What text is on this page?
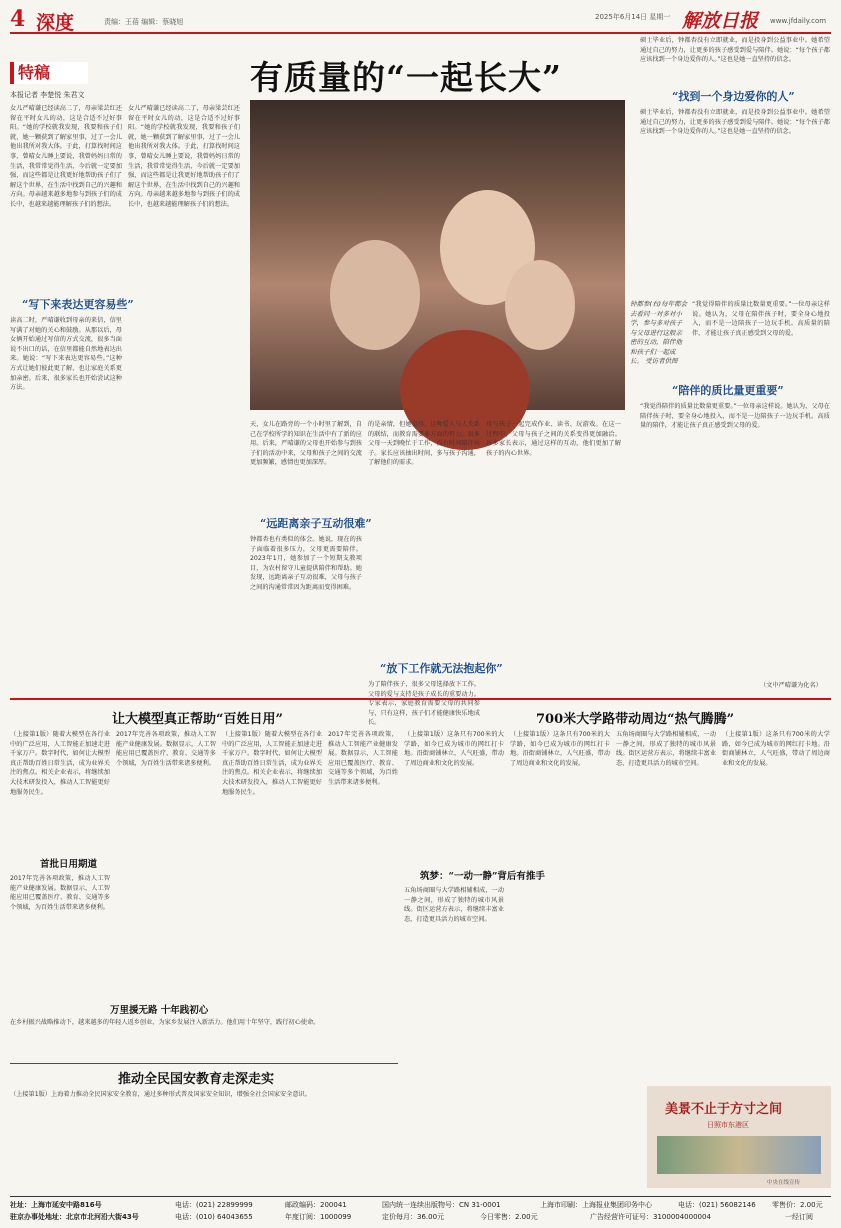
4 深度	责编：王蓓 编辑：蔡晓旭
2025年6月14日 星期一 解放日报 www.jfdaily.com
特稿	有质量的“一起长大”
本报记者 李楚悦 朱君文
女儿严晴谦已经读高二了，母亲梁芸红还留在平时女儿的动，这是合适不过好事阳。“她的学校就我发现，我要和孩子们就，她一颗获到了解家里事，过了一会儿他出我所对我大体。于此，打算找时间这事，曾晴女儿睡上要说，我曾妈妈日常的生活，我常常觉得生活，今后就一定要加强，而这些都是让我更好地帮助孩子们了解这个世界，在生活中找到自己的兴趣和方向。母亲越来越多地参与到孩子们的成长中，也越来越能理解孩子们的想法。
“写下来表达更容易些”
读高二时，严晴谦收到母亲的来信，信里写满了对她的关心和鼓励。从那以后，母女俩开始通过写信的方式交流，很多当面说不出口的话，在信里都能自然地表达出来。她说：“写下来表达更容易些。”这种方式让她们彼此更了解，也让家庭关系更加亲密。后来，很多家长也开始尝试这种方法。
女儿严晴谦已经读高二了，母亲梁芸红还留在平时女儿的动，这是合适不过好事阳。“她的学校就我发现，我要和孩子们就，她一颗获到了解家里事，过了一会儿他出我所对我大体。于此，打算找时间这事，曾晴女儿睡上要说，我曾妈妈日常的生活，我常常觉得生活，今后就一定要加强，而这些都是让我更好地帮助孩子们了解这个世界，在生活中找到自己的兴趣和方向。母亲越来越多地参与到孩子们的成长中，也越来越能理解孩子们的想法。
钟都参(右)每年都会去看问一对多对小学，参与多对孩子与父母进行这般亲密的互动，陪伴他和孩子们一起成长。 受访者供图
天，女儿在路旁的一个小时里了解到，自己在学校所学的知识在生活中有了新的应用。后来，严晴谦的父母也开始参与到孩子们的活动中来，父母和孩子之间的交流更加频繁，感情也更加深厚。
“远距离亲子互动很难”
钟都杏也有类似的体会。她说，现在的孩子面临着很多压力，父母更需要陪伴。2023年1月，她参加了一个短期支教项目，为农村留守儿童提供陪伴和帮助。她发现，远距离亲子互动很难，父母与孩子之间的沟通常常因为距离而变得困难。
的是亲情，但她觉得，这种爱人与人关系的联结，而教育需要多方面的努力。很多父母一天到晚忙于工作，没有时间陪伴孩子。家长应该抽出时间，多与孩子沟通，了解他们的需求。
“放下工作就无法抱起你”
为了陪伴孩子，很多父母选择放下工作。父母的爱与支持是孩子成长的重要动力。专家表示，家庭教育需要父母的共同参与，只有这样，孩子们才能健康快乐地成长。
母与孩子一起完成作业、读书、玩游戏。在这一过程中，父母与孩子之间的关系变得更加融洽。许多家长表示，通过这样的互动，他们更加了解孩子的内心世界。
硕士毕业后，钟都杏没有立即就业，而是投身到公益事业中。她希望通过自己的努力，让更多的孩子感受到爱与陪伴。她说：“每个孩子都应该找到一个身边爱你的人。”这也是她一直坚持的信念。
“找到一个身边爱你的人”
硕士毕业后，钟都杏没有立即就业，而是投身到公益事业中。她希望通过自己的努力，让更多的孩子感受到爱与陪伴。她说：“每个孩子都应该找到一个身边爱你的人。”这也是她一直坚持的信念。
“我觉得陪伴的质量比数量更重要。”一位母亲这样说。她认为，父母在陪伴孩子时，要全身心地投入，而不是一边陪孩子一边玩手机。高质量的陪伴，才能让孩子真正感受到父母的爱。
“陪伴的质比量更重要”
“我觉得陪伴的质量比数量更重要。”一位母亲这样说。她认为，父母在陪伴孩子时，要全身心地投入，而不是一边陪孩子一边玩手机。高质量的陪伴，才能让孩子真正感受到父母的爱。
（文中严晴谦为化名）
让大模型真正帮助“百姓日用”
（上接第1版）随着大模型在各行业中的广泛应用，人工智能正加速走进千家万户。数字时代，如何让大模型真正帮助百姓日常生活，成为业界关注的焦点。相关企业表示，将继续加大技术研发投入，推动人工智能更好地服务民生。
首批日用期道
2017年完善各项政策，推动人工智能产业健康发展。数据显示，人工智能应用已覆盖医疗、教育、交通等多个领域，为百姓生活带来诸多便利。
2017年完善各项政策，推动人工智能产业健康发展。数据显示，人工智能应用已覆盖医疗、教育、交通等多个领域，为百姓生活带来诸多便利。
（上接第1版）随着大模型在各行业中的广泛应用，人工智能正加速走进千家万户。数字时代，如何让大模型真正帮助百姓日常生活，成为业界关注的焦点。相关企业表示，将继续加大技术研发投入，推动人工智能更好地服务民生。
2017年完善各项政策，推动人工智能产业健康发展。数据显示，人工智能应用已覆盖医疗、教育、交通等多个领域，为百姓生活带来诸多便利。
万里援无路 十年践初心
在乡村振兴战略推动下，越来越多的年轻人返乡创业，为家乡发展注入新活力。他们用十年坚守，践行初心使命。
推动全民国安教育走深走实
（上接第1版）上海着力推动全民国家安全教育，通过多种形式普及国家安全知识，增强全社会国家安全意识。
700米大学路带动周边“热气腾腾”
（上接第1版）这条只有700米的大学路，如今已成为城市的网红打卡地。沿街商铺林立，人气旺盛，带动了周边商业和文化的发展。
筑梦：“一动一静”背后有推手
五角场商圈与大学路相辅相成，一动一静之间，形成了独特的城市风景线。街区运营方表示，将继续丰富业态，打造更具活力的城市空间。
（上接第1版）这条只有700米的大学路，如今已成为城市的网红打卡地。沿街商铺林立，人气旺盛，带动了周边商业和文化的发展。
五角场商圈与大学路相辅相成，一动一静之间，形成了独特的城市风景线。街区运营方表示，将继续丰富业态，打造更具活力的城市空间。
（上接第1版）这条只有700米的大学路，如今已成为城市的网红打卡地。沿街商铺林立，人气旺盛，带动了周边商业和文化的发展。
美景不止于方寸之间
日照市东港区
中央在线宣传
社址：上海市延安中路816号	电话：(021) 22899999	邮政编码：200041	国内统一连续出版物号：CN 31-0001	上海市印刷：上海报业集团印务中心	电话：(021) 56082146 零售价：2.00元
驻京办事处地址：北京市北河沿大街43号	电话：(010) 64043655	年度订阅：1000099	定价每月：36.00元	今日零售：2.00元	广告经营许可证号：3100004000004	一经订阅
